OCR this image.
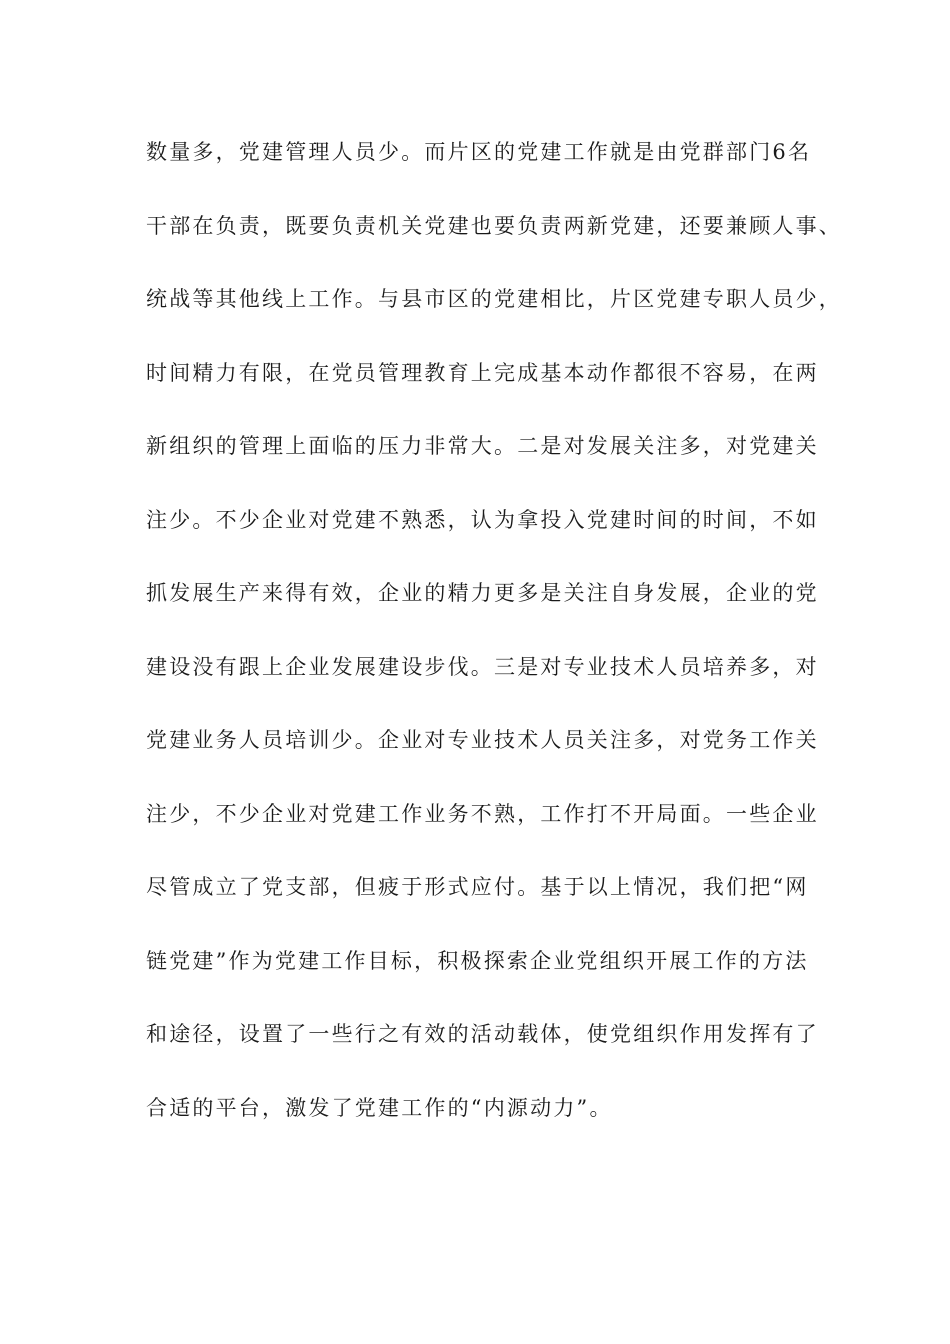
数量多，党建管理人员少。而片区的党建工作就是由党群部门6名
干部在负责，既要负责机关党建也要负责两新党建，还要兼顾人事、
统战等其他线上工作。与县市区的党建相比，片区党建专职人员少，
时间精力有限，在党员管理教育上完成基本动作都很不容易，在两
新组织的管理上面临的压力非常大。二是对发展关注多，对党建关
注少。不少企业对党建不熟悉，认为拿投入党建时间的时间，不如
抓发展生产来得有效，企业的精力更多是关注自身发展，企业的党
建设没有跟上企业发展建设步伐。三是对专业技术人员培养多，对
党建业务人员培训少。企业对专业技术人员关注多，对党务工作关
注少，不少企业对党建工作业务不熟，工作打不开局面。一些企业
尽管成立了党支部，但疲于形式应付。基于以上情况，我们把“网
链党建”作为党建工作目标，积极探索企业党组织开展工作的方法
和途径，设置了一些行之有效的活动载体，使党组织作用发挥有了
合适的平台，激发了党建工作的“内源动力”。
